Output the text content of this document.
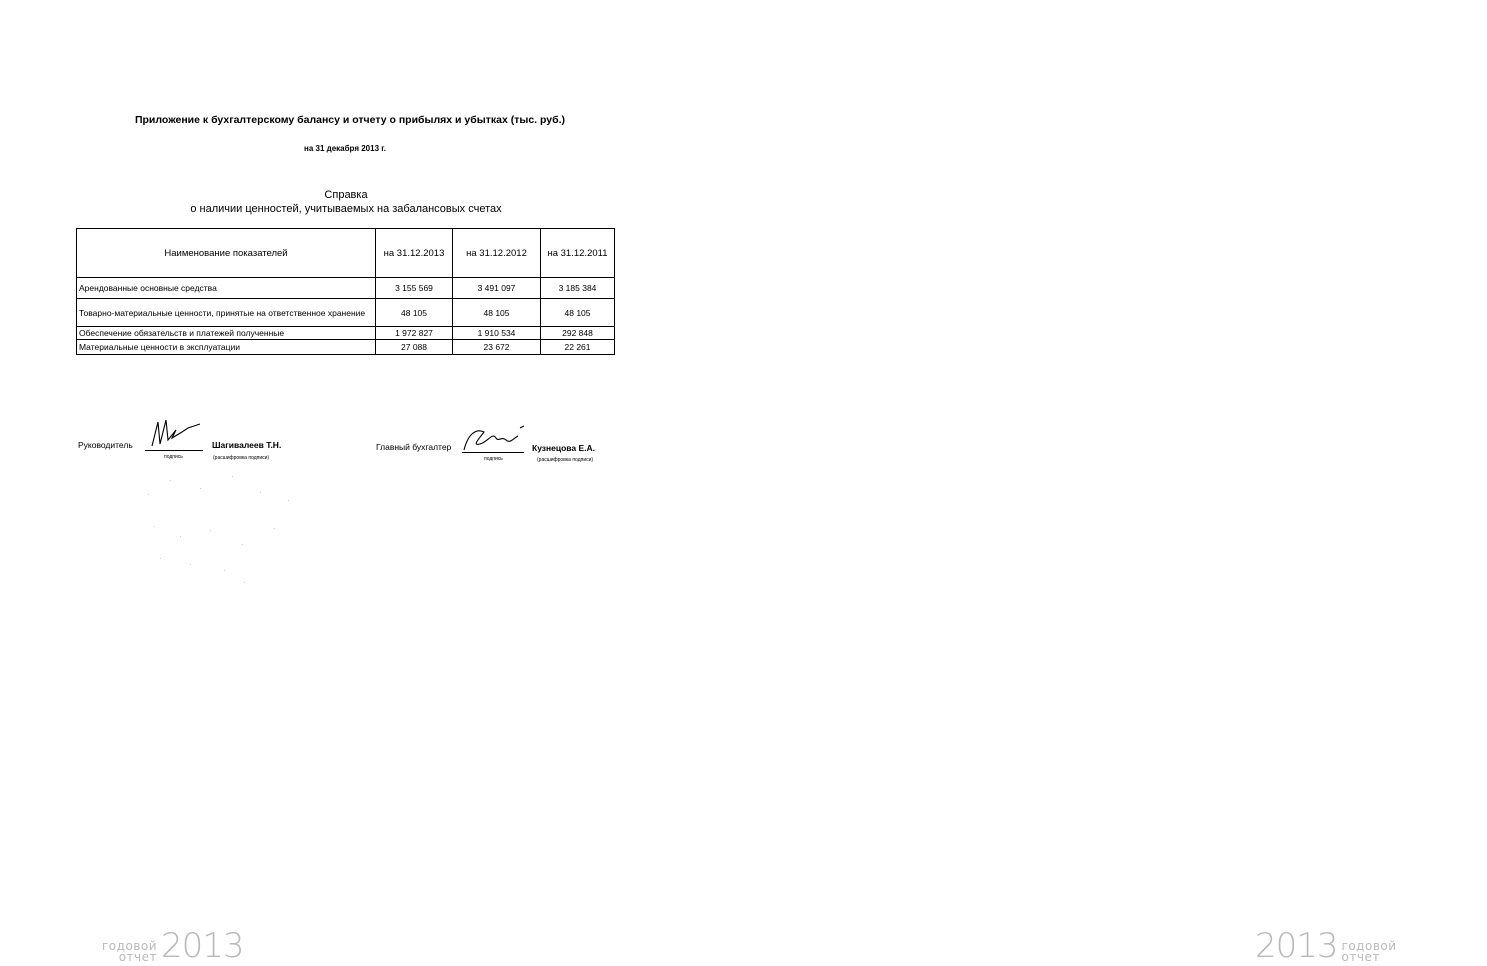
Приложение к бухгалтерскому балансу и отчету о прибылях и убытках (тыс. руб.)
на 31 декабря 2013 г.
Справка
о наличии ценностей, учитываемых на забалансовых счетах
Наименование показателей	на 31.12.2013	на 31.12.2012	на 31.12.2011
Арендованные основные средства	3 155 569	3 491 097	3 185 384
Товарно-материальные ценности, принятые на ответственное хранение	48 105	48 105	48 105
Обеспечение обязательств и платежей полученные	1 972 827	1 910 534	292 848
Материальные ценности в эксплуатации	27 088	23 672	22 261
Руководитель
подпись
Шагивалеев Т.Н.
(расшифровка подписи)
Главный бухгалтер
подпись
Кузнецова Е.А.
(расшифровка подписи)
годовой
отчет 2013	2013 годовой
отчет
